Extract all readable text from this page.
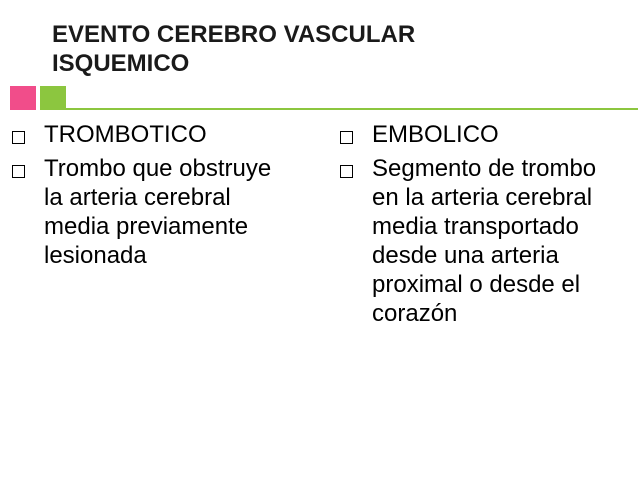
EVENTO CEREBRO VASCULAR
ISQUEMICO
TROMBOTICO
Trombo que obstruye la arteria cerebral media previamente lesionada
EMBOLICO
Segmento de trombo en la arteria cerebral media transportado desde una arteria proximal o desde el corazón
